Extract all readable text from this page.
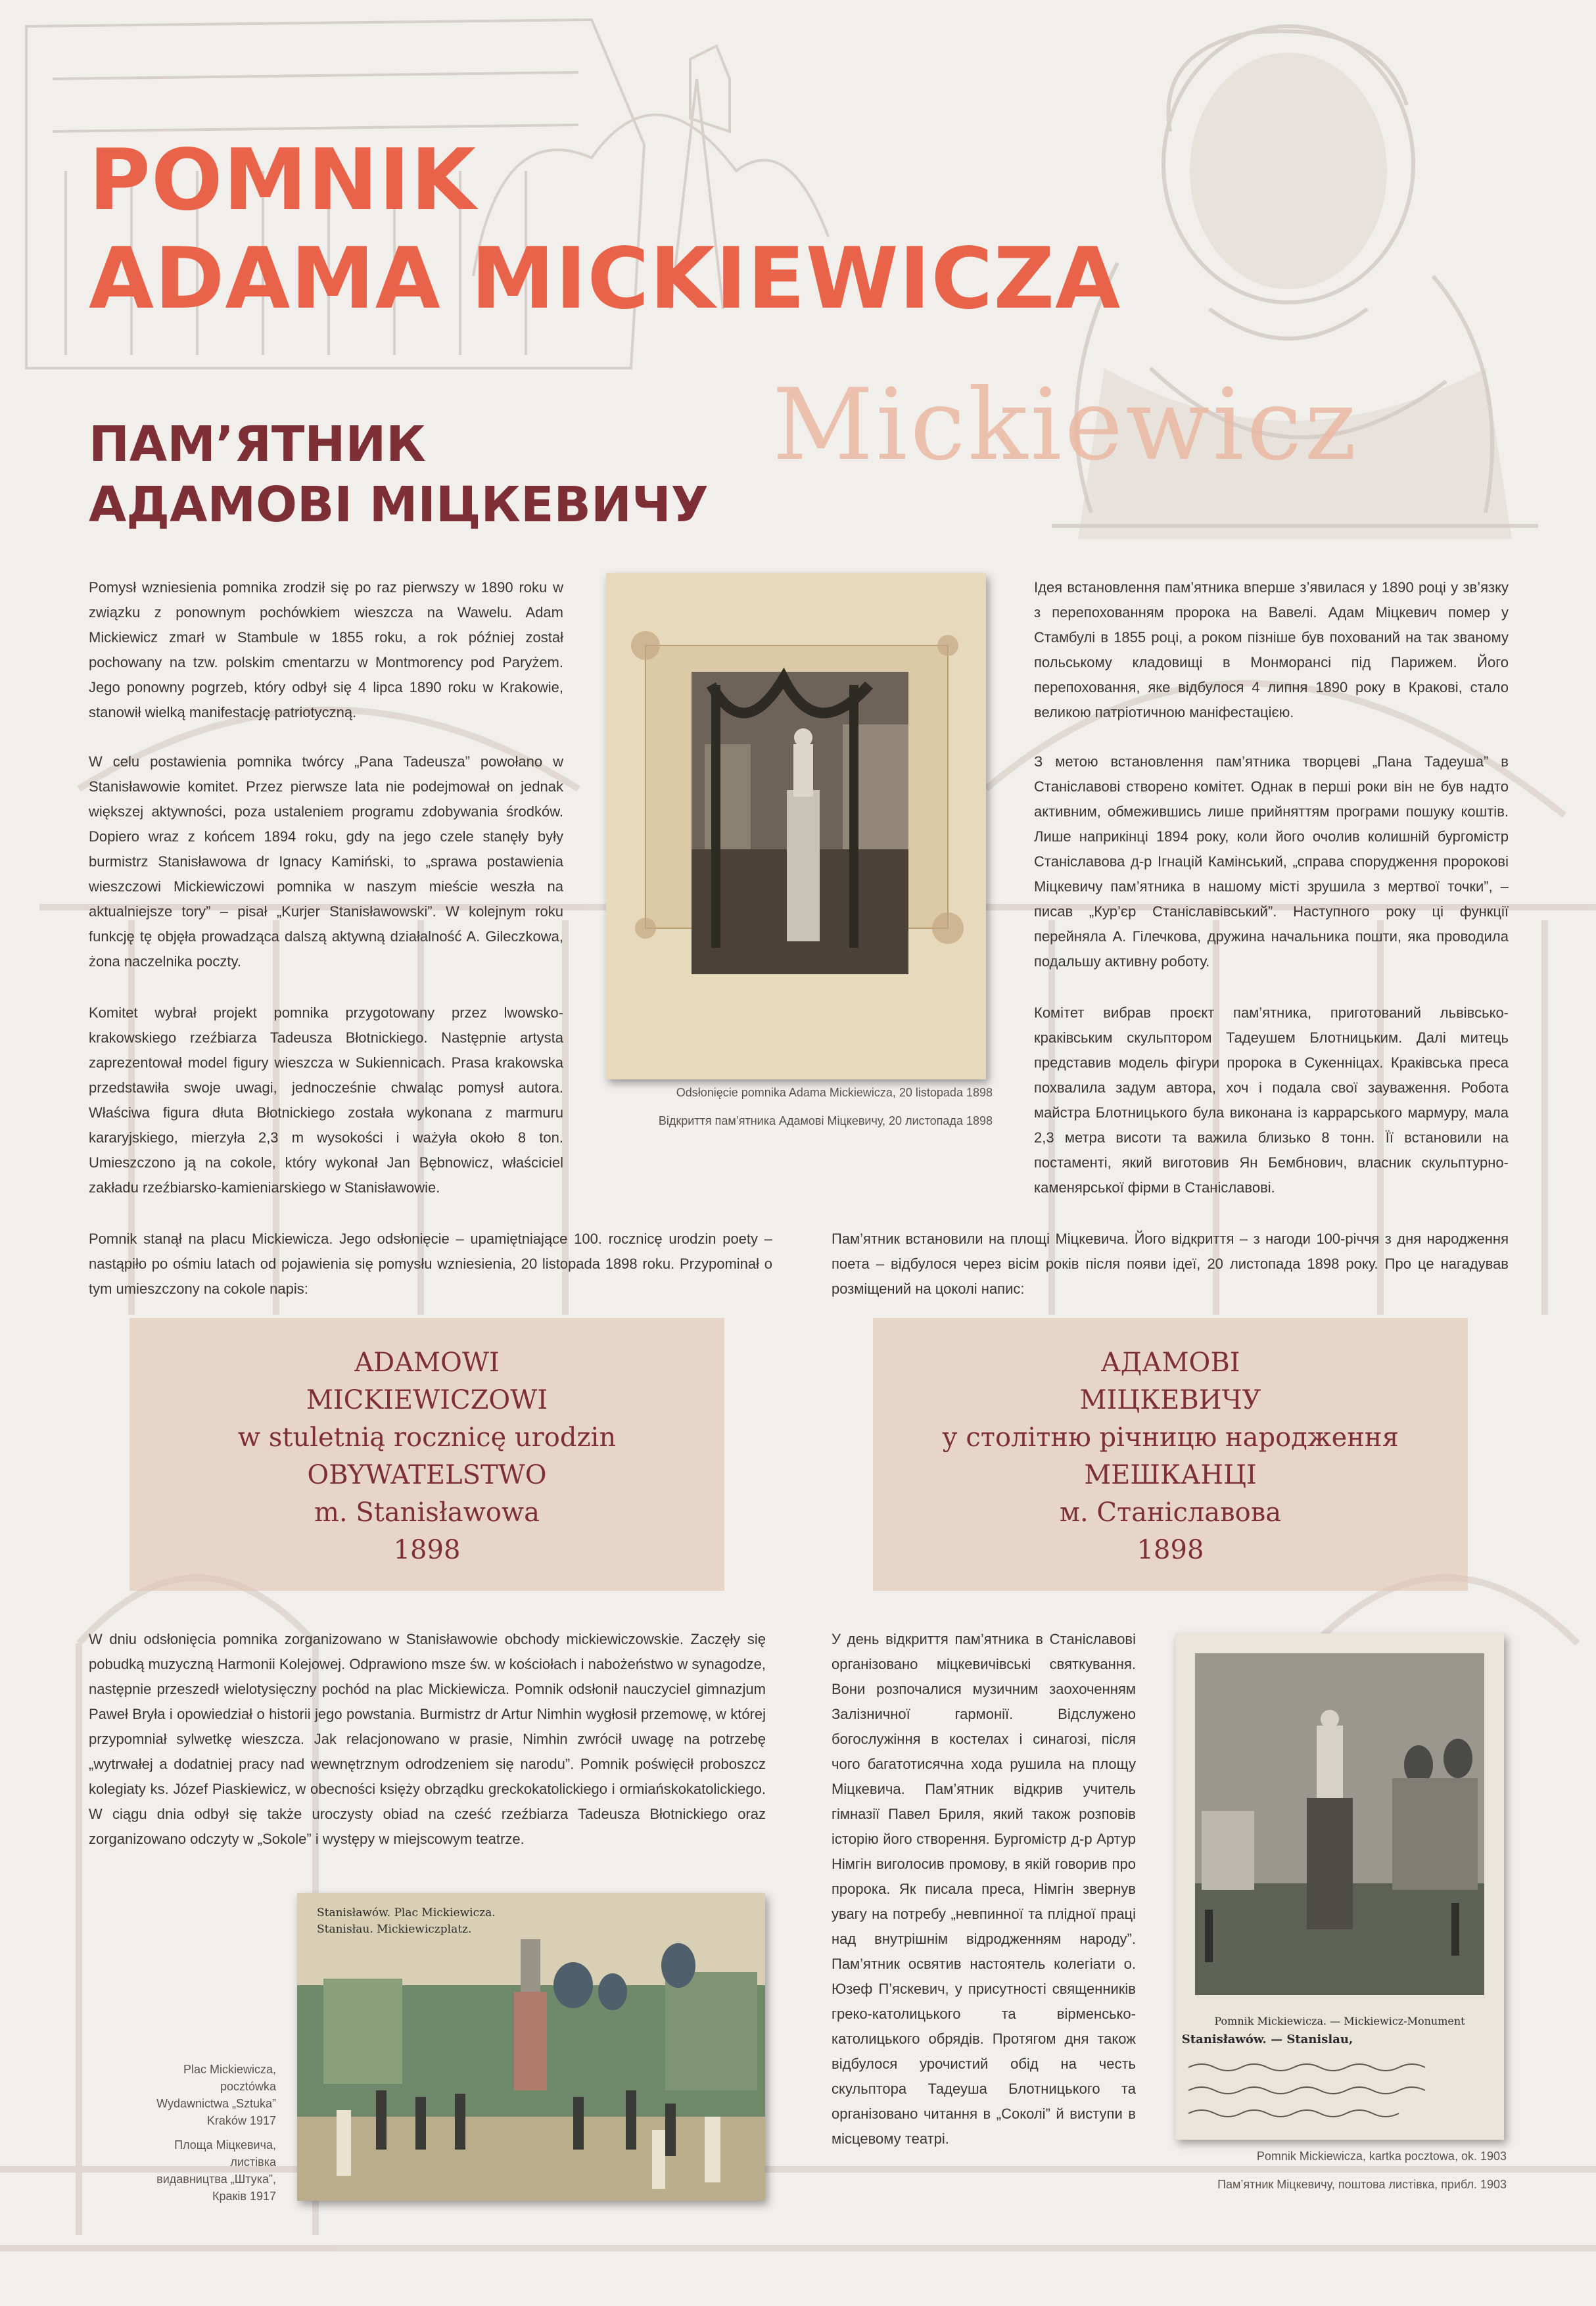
POMNIK
ADAMA MICKIEWICZA
Mickiewicz
ПАМ’ЯТНИК
АДАМОВІ МІЦКЕВИЧУ

Pomysł wzniesienia pomnika zrodził się po raz pierwszy w 1890 roku w związku z ponownym pochówkiem wieszcza na Wawelu. Adam Mickiewicz zmarł w Stambule w 1855 roku, a rok później został pochowany na tzw. polskim cmentarzu w Montmorency pod Paryżem. Jego ponowny pogrzeb, który odbył się 4 lipca 1890 roku w Krakowie, stanowił wielką manifestację patriotyczną.

W celu postawienia pomnika twórcy „Pana Tadeusza” powołano w Stanisławowie komitet. Przez pierwsze lata nie podejmował on jednak większej aktywności, poza ustaleniem programu zdobywania środków. Dopiero wraz z końcem 1894 roku, gdy na jego czele stanęły były burmistrz Stanisławowa dr Ignacy Kamiński, to „sprawa postawienia wieszczowi Mickiewiczowi pomnika w naszym mieście weszła na aktualniejsze tory” – pisał „Kurjer Stanisławowski”. W kolejnym roku funkcję tę objęła prowadząca dalszą aktywną działalność A. Gileczkowa, żona naczelnika poczty.

Komitet wybrał projekt pomnika przygotowany przez lwowsko-krakowskiego rzeźbiarza Tadeusza Błotnickiego. Następnie artysta zaprezentował model figury wieszcza w Sukiennicach. Prasa krakowska przedstawiła swoje uwagi, jednocześnie chwaląc pomysł autora. Właściwa figura dłuta Błotnickiego została wykonana z marmuru kararyjskiego, mierzyła 2,3 m wysokości i ważyła około 8 ton. Umieszczono ją na cokole, który wykonał Jan Bębnowicz, właściciel zakładu rzeźbiarsko-kamieniarskiego w Stanisławowie.

Pomnik stanął na placu Mickiewicza. Jego odsłonięcie – upamiętniające 100. rocznicę urodzin poety – nastąpiło po ośmiu latach od pojawienia się pomysłu wzniesienia, 20 listopada 1898 roku. Przypominał o tym umieszczony na cokole napis:

Odsłonięcie pomnika Adama Mickiewicza, 20 listopada 1898

Відкриття пам’ятника Адамові Міцкевичу, 20 листопада 1898

Ідея встановлення пам’ятника вперше з’явилася у 1890 році у зв’язку з перепохованням пророка на Вавелі. Адам Міцкевич помер у Стамбулі в 1855 році, а роком пізніше був похований на так званому польському кладовищі в Монморансі під Парижем. Його перепоховання, яке відбулося 4 липня 1890 року в Кракові, стало великою патріотичною маніфестацією.

З метою встановлення пам’ятника творцеві „Пана Тадеуша” в Станіславові створено комітет. Однак в перші роки він не був надто активним, обмежившись лише прийняттям програми пошуку коштів. Лише наприкінці 1894 року, коли його очолив колишній бургомістр Станіславова д-р Ігнацій Камінський, „справа спорудження пророкові Міцкевичу пам’ятника в нашому місті зрушила з мертвої точки”, – писав „Кур’єр Станіславівський”. Наступного року ці функції перейняла А. Гілечкова, дружина начальника пошти, яка проводила подальшу активну роботу.

Комітет вибрав проєкт пам’ятника, приготований львівсько-краківським скульптором Тадеушем Блотницьким. Далі митець представив модель фігури пророка в Сукенніцах. Краківська преса похвалила задум автора, хоч і подала свої зауваження. Робота майстра Блотницького була виконана із каррарського мармуру, мала 2,3 метра висоти та важила близько 8 тонн. Її встановили на постаменті, який виготовив Ян Бембнович, власник скульптурно-каменярської фірми в Станіславові.

Пам’ятник встановили на площі Міцкевича. Його відкриття – з нагоди 100-річчя з дня народження поета – відбулося через вісім років після появи ідеї, 20 листопада 1898 року. Про це нагадував розміщений на цоколі напис:

ADAMOWI
MICKIEWICZOWI
w stuletnią rocznicę urodzin
OBYWATELSTWO
m. Stanisławowa
1898
АДАМОВІ
МІЦКЕВИЧУ
у столітню річницю народження
МЕШКАНЦІ
м. Станіславова
1898

W dniu odsłonięcia pomnika zorganizowano w Stanisławowie obchody mickiewiczowskie. Zaczęły się pobudką muzyczną Harmonii Kolejowej. Odprawiono msze św. w kościołach i nabożeństwo w synagodze, następnie przeszedł wielotysięczny pochód na plac Mickiewicza. Pomnik odsłonił nauczyciel gimnazjum Paweł Bryła i opowiedział o historii jego powstania. Burmistrz dr Artur Nimhin wygłosił przemowę, w której przypomniał sylwetkę wieszcza. Jak relacjonowano w prasie, Nimhin zwrócił uwagę na potrzebę „wytrwałej a dodatniej pracy nad wewnętrznym odrodzeniem się narodu”. Pomnik poświęcił proboszcz kolegiaty ks. Józef Piaskiewicz, w obecności księży obrządku greckokatolickiego i ormiańskokatolickiego. W ciągu dnia odbył się także uroczysty obiad na cześć rzeźbiarza Tadeusza Błotnickiego oraz zorganizowano odczyty w „Sokole” i występy w miejscowym teatrze.

У день відкриття пам’ятника в Станіславові організовано міцкевичівські святкування. Вони розпочалися музичним заохоченням Залізничної гармонії. Відслужено богослужіння в костелах і синагозі, після чого багатотисячна хода рушила на площу Міцкевича. Пам’ятник відкрив учитель гімназії Павел Бриля, який також розповів історію його створення. Бургомістр д-р Артур Німгін виголосив промову, в якій говорив про пророка. Як писала преса, Німгін звернув увагу на потребу „невпинної та плідної праці над внутрішнім відродженням народу”. Пам’ятник освятив настоятель колегіати о. Юзеф П’яскевич, у присутності священників греко-католицького та вірменсько-католицького обрядів. Протягом дня також відбулося урочистий обід на честь скульптора Тадеуша Блотницького та організовано читання в „Соколі” й виступи в місцевому театрі.

Stanisławów. Plac Mickiewicza.
Stanisłau. Mickiewiczplatz.
Plac Mickiewicza,
pocztówka
Wydawnictwa „Sztuka”
Kraków 1917
Площа Міцкевича,
листівка
видавництва „Штука”,
Краків 1917
Pomnik Mickiewicza. — Mickiewicz-Monument
Stanisławów. — Stanislau,

Pomnik Mickiewicza, kartka pocztowa, ok. 1903

Пам’ятник Міцкевичу, поштова листівка, прибл. 1903
